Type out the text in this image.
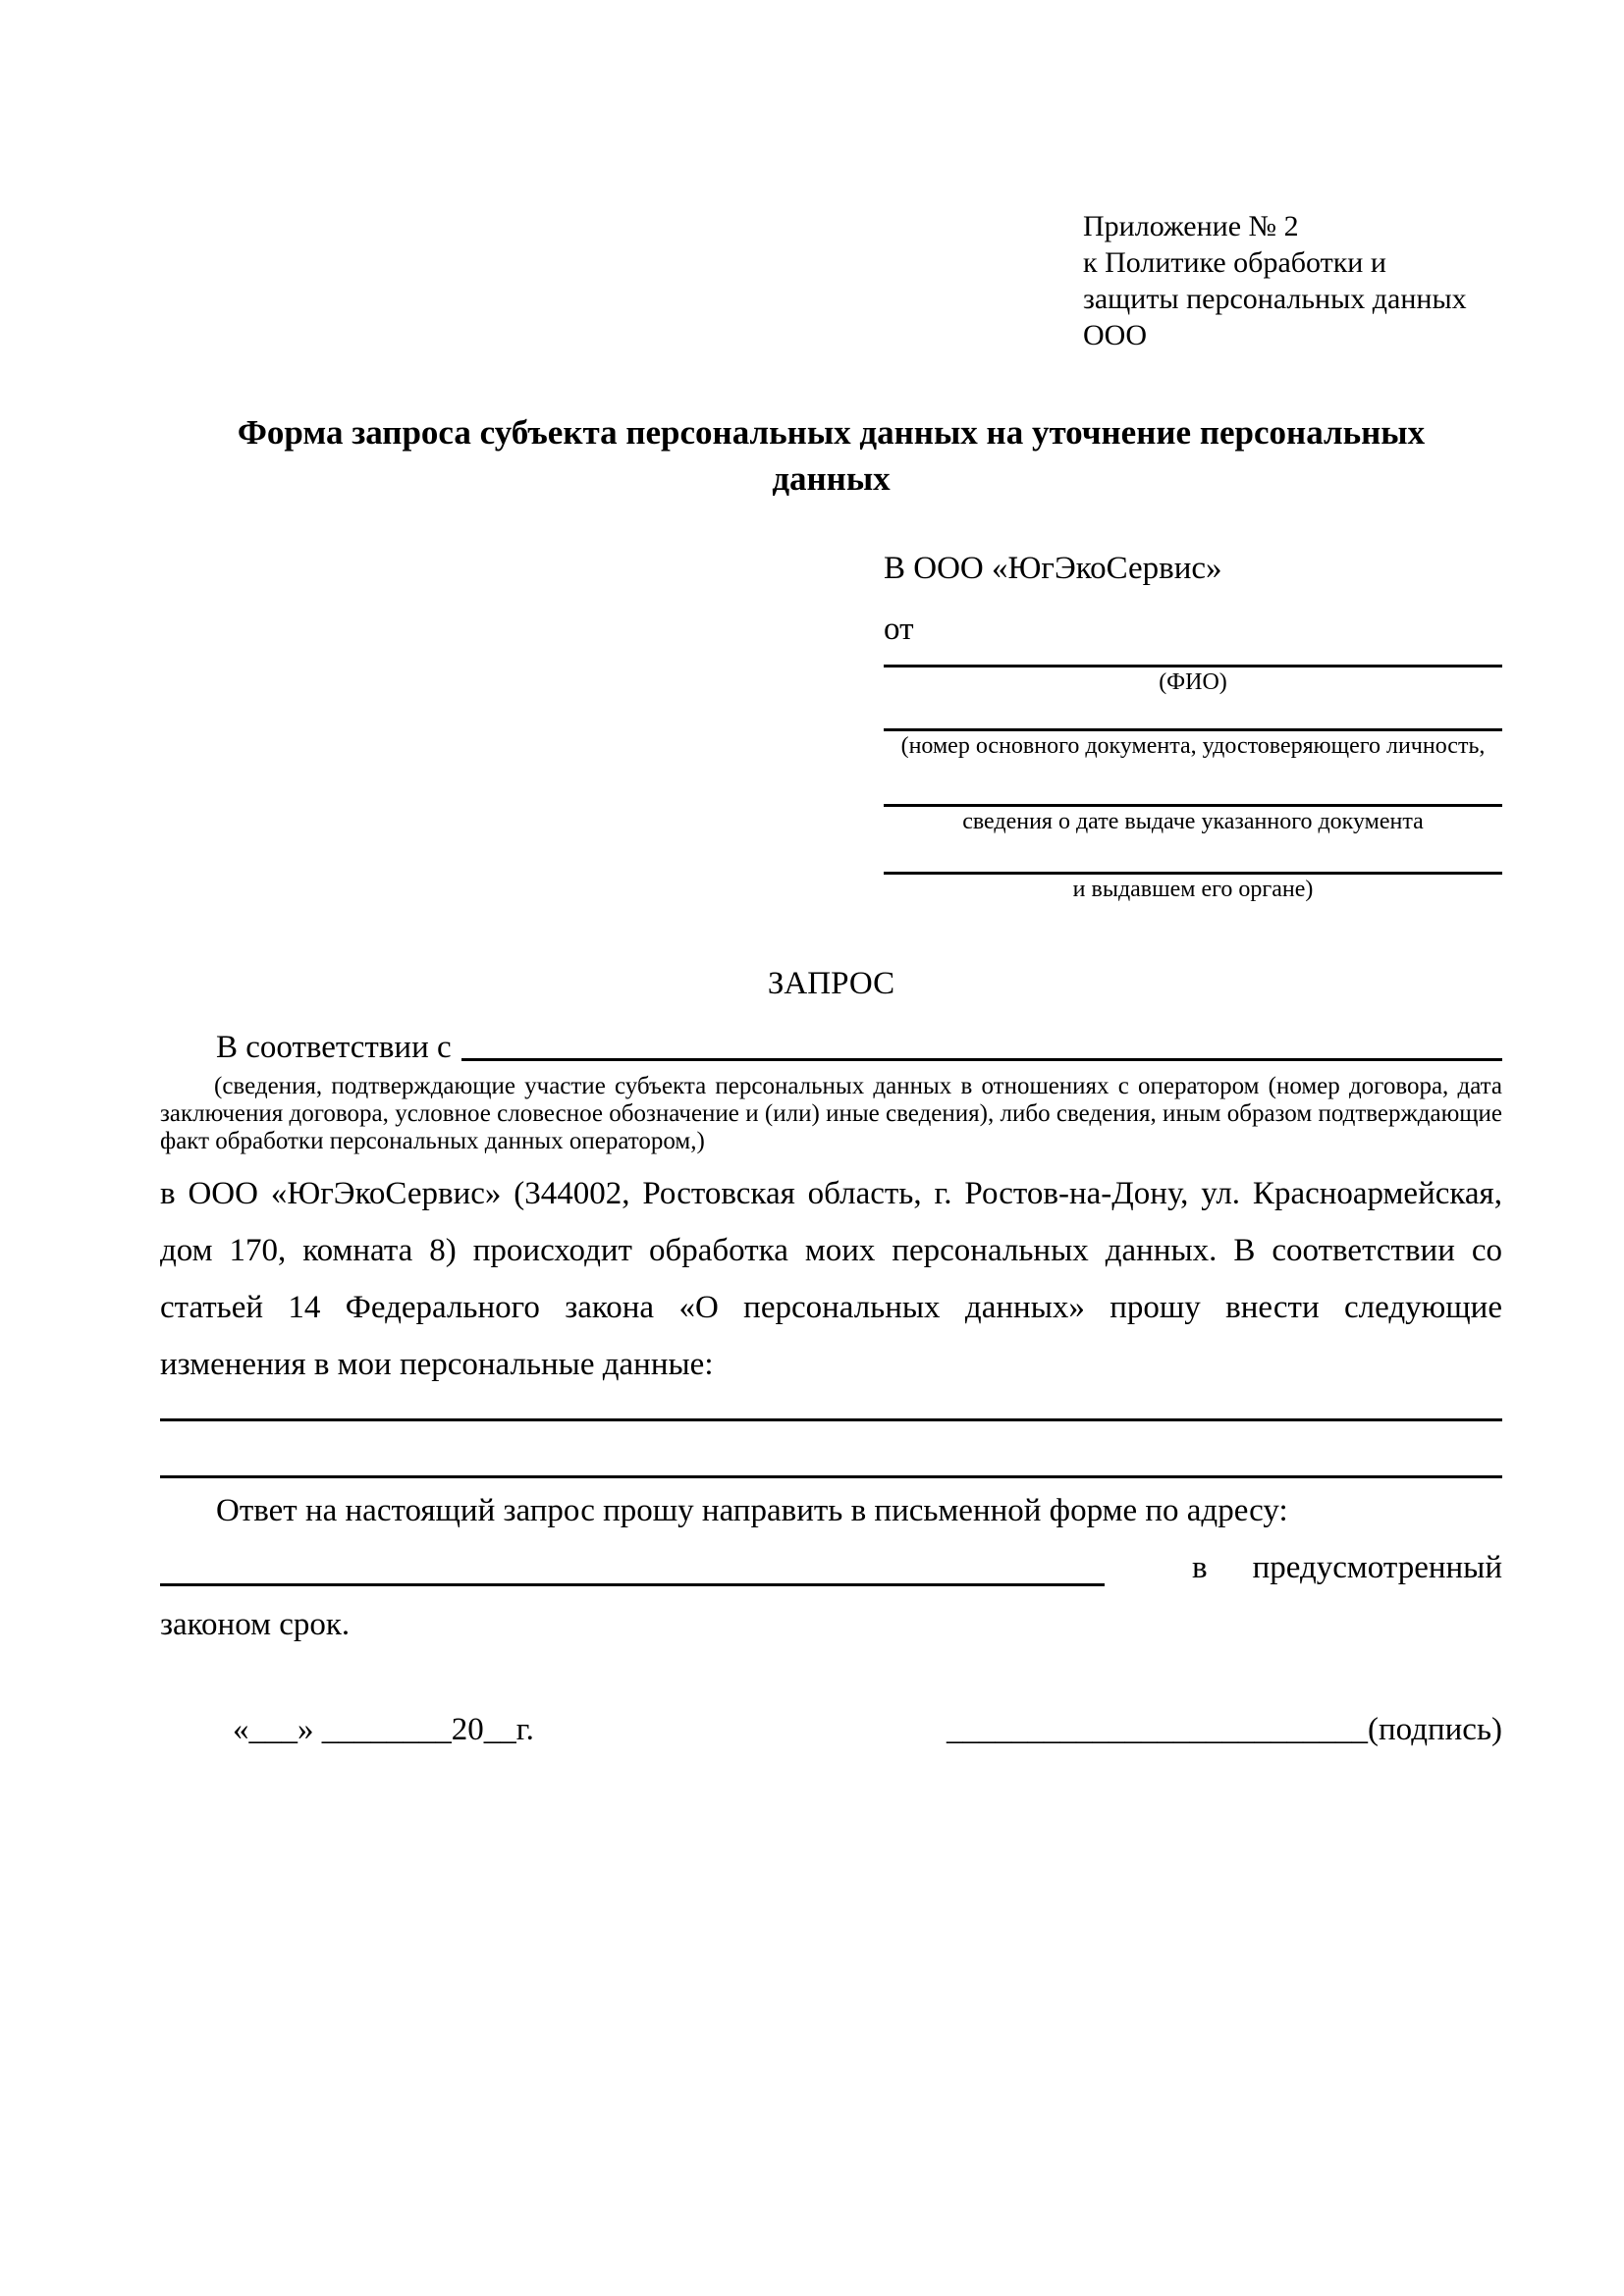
Приложение № 2
к Политике обработки и
защиты персональных данных
ООО
Форма запроса субъекта персональных данных на уточнение персональных данных
В ООО «ЮгЭкоСервис»
от
(ФИО)
(номер основного документа, удостоверяющего личность,
сведения о дате выдаче указанного документа
и выдавшем его органе)
ЗАПРОС
В соответствии с
(сведения, подтверждающие участие субъекта персональных данных в отношениях с оператором (номер договора, дата заключения договора, условное словесное обозначение и (или) иные сведения), либо сведения, иным образом подтверждающие факт обработки персональных данных оператором,)
в ООО «ЮгЭкоСервис» (344002, Ростовская область, г. Ростов-на-Дону, ул. Красноармейская, дом 170, комната 8) происходит обработка моих персональных данных. В соответствии со статьей 14 Федерального закона «О персональных данных» прошу внести следующие изменения в мои персональные данные:
Ответ на настоящий запрос прошу направить в письменной форме по адресу:
в предусмотренный
законом срок.
«___» ________20__г.	__________________________(подпись)
